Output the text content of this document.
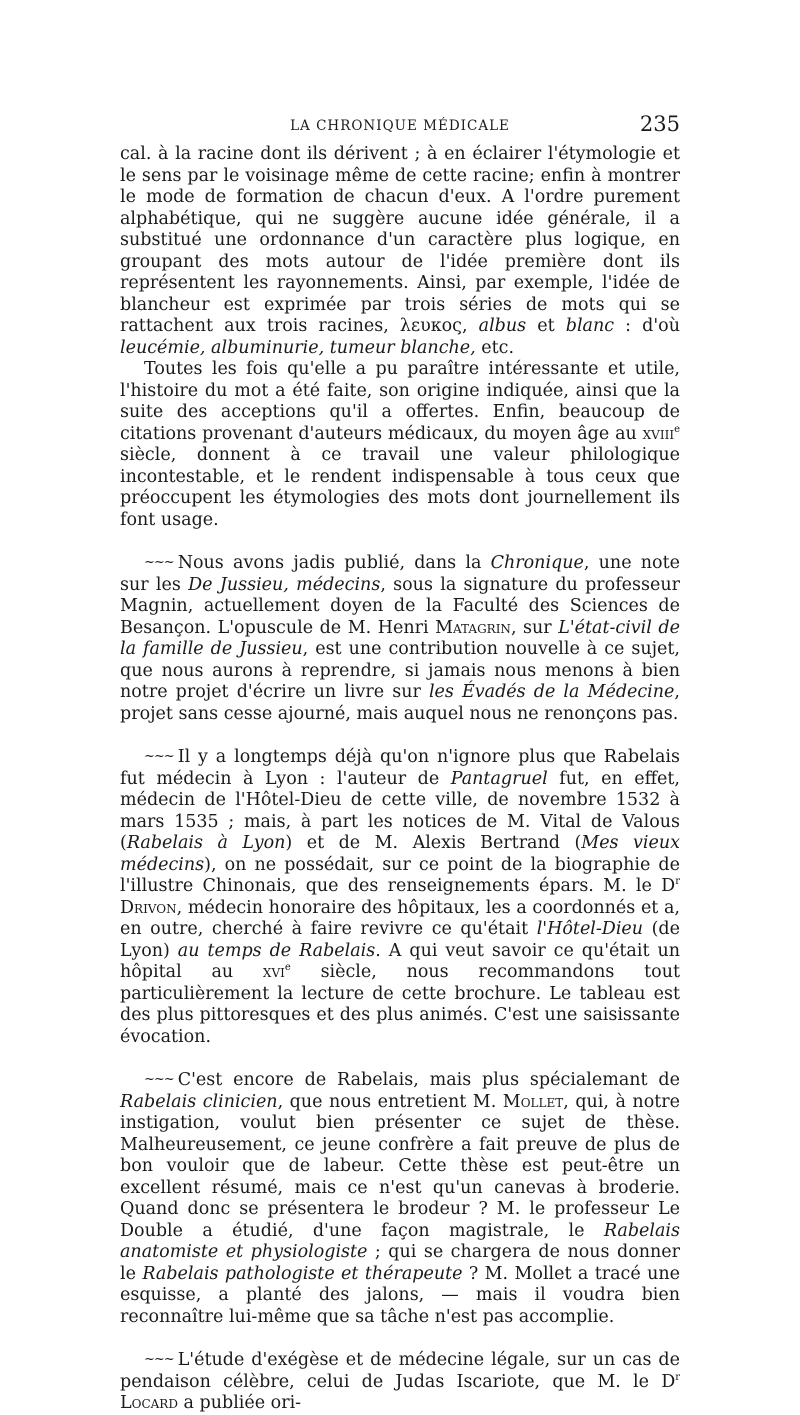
LA CHRONIQUE MÉDICALE	235

cal. à la racine dont ils dérivent ; à en éclairer l'étymologie et le sens par le voisinage même de cette racine; enfin à montrer le mode de formation de chacun d'eux. A l'ordre purement alphabétique, qui ne suggère aucune idée générale, il a substitué une ordonnance d'un caractère plus logique, en groupant des mots autour de l'idée première dont ils représentent les rayonnements. Ainsi, par exemple, l'idée de blancheur est exprimée par trois séries de mots qui se rattachent aux trois racines, λευκος, albus et blanc : d'où leucémie, albuminurie, tumeur blanche, etc.

Toutes les fois qu'elle a pu paraître intéressante et utile, l'histoire du mot a été faite, son origine indiquée, ainsi que la suite des acceptions qu'il a offertes. Enfin, beaucoup de citations provenant d'auteurs médicaux, du moyen âge au xviii$^e$ siècle, donnent à ce travail une valeur philologique incontestable, et le rendent indispensable à tous ceux que préoccupent les étymologies des mots dont journellement ils font usage.

~~~ Nous avons jadis publié, dans la Chronique, une note sur les De Jussieu, médecins, sous la signature du professeur Magnin, actuellement doyen de la Faculté des Sciences de Besançon. L'opuscule de M. Henri Matagrin, sur L'état-civil de la famille de Jussieu, est une contribution nouvelle à ce sujet, que nous aurons à reprendre, si jamais nous menons à bien notre projet d'écrire un livre sur les Évadés de la Médecine, projet sans cesse ajourné, mais auquel nous ne renonçons pas.

~~~ Il y a longtemps déjà qu'on n'ignore plus que Rabelais fut médecin à Lyon : l'auteur de Pantagruel fut, en effet, médecin de l'Hôtel-Dieu de cette ville, de novembre 1532 à mars 1535 ; mais, à part les notices de M. Vital de Valous (Rabelais à Lyon) et de M. Alexis Bertrand (Mes vieux médecins), on ne possédait, sur ce point de la biographie de l'illustre Chinonais, que des renseignements épars. M. le $D^r$ Drivon, médecin honoraire des hôpitaux, les a coordonnés et a, en outre, cherché à faire revivre ce qu'était l'Hôtel-Dieu (de Lyon) au temps de Rabelais. A qui veut savoir ce qu'était un hôpital au xvi$^e$ siècle, nous recommandons tout particulièrement la lecture de cette brochure. Le tableau est des plus pittoresques et des plus animés. C'est une saisissante évocation.

~~~ C'est encore de Rabelais, mais plus spécialemant de Rabelais clinicien, que nous entretient M. Mollet, qui, à notre instigation, voulut bien présenter ce sujet de thèse. Malheureusement, ce jeune confrère a fait preuve de plus de bon vouloir que de labeur. Cette thèse est peut-être un excellent résumé, mais ce n'est qu'un canevas à broderie. Quand donc se présentera le brodeur ? M. le professeur Le Double a étudié, d'une façon magistrale, le Rabelais anatomiste et physiologiste ; qui se chargera de nous donner le Rabelais pathologiste et thérapeute ? M. Mollet a tracé une esquisse, a planté des jalons, — mais il voudra bien reconnaître lui-même que sa tâche n'est pas accomplie.

~~~ L'étude d'exégèse et de médecine légale, sur un cas de pendaison célèbre, celui de Judas Iscariote, que M. le $D^r$ Locard a publiée ori-
